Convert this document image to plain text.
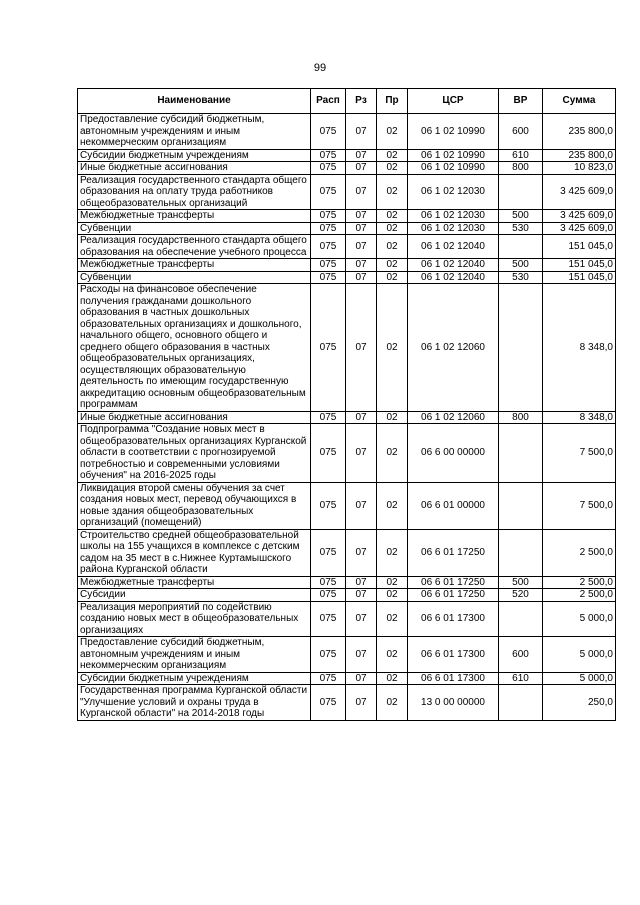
99
Наименование	Расп	Рз	Пр	ЦСР	ВР	Сумма
Предоставление субсидий бюджетным, автономным учреждениям и иным некоммерческим организациям	075	07	02	06 1 02 10990	600	235 800,0
Субсидии бюджетным учреждениям	075	07	02	06 1 02 10990	610	235 800,0
Иные бюджетные ассигнования	075	07	02	06 1 02 10990	800	10 823,0
Реализация государственного стандарта общего образования на оплату труда работников общеобразовательных организаций	075	07	02	06 1 02 12030		3 425 609,0
Межбюджетные трансферты	075	07	02	06 1 02 12030	500	3 425 609,0
Субвенции	075	07	02	06 1 02 12030	530	3 425 609,0
Реализация государственного стандарта общего образования на обеспечение учебного процесса	075	07	02	06 1 02 12040		151 045,0
Межбюджетные трансферты	075	07	02	06 1 02 12040	500	151 045,0
Субвенции	075	07	02	06 1 02 12040	530	151 045,0
Расходы на финансовое обеспечение получения гражданами дошкольного образования в частных дошкольных образовательных организациях и дошкольного, начального общего, основного общего и среднего общего образования в частных общеобразовательных организациях, осуществляющих образовательную деятельность по имеющим государственную аккредитацию основным общеобразовательным программам	075	07	02	06 1 02 12060		8 348,0
Иные бюджетные ассигнования	075	07	02	06 1 02 12060	800	8 348,0
Подпрограмма "Создание новых мест в общеобразовательных организациях Курганской области в соответствии с прогнозируемой потребностью и современными условиями обучения" на 2016-2025 годы	075	07	02	06 6 00 00000		7 500,0
Ликвидация второй смены обучения за счет создания новых мест, перевод обучающихся в новые здания общеобразовательных организаций (помещений)	075	07	02	06 6 01 00000		7 500,0
Строительство средней общеобразовательной школы на 155 учащихся в комплексе с детским садом на 35 мест в с.Нижнее Куртамышского района Курганской области	075	07	02	06 6 01 17250		2 500,0
Межбюджетные трансферты	075	07	02	06 6 01 17250	500	2 500,0
Субсидии	075	07	02	06 6 01 17250	520	2 500,0
Реализация мероприятий по содействию созданию новых мест в общеобразовательных организациях	075	07	02	06 6 01 17300		5 000,0
Предоставление субсидий бюджетным, автономным учреждениям и иным некоммерческим организациям	075	07	02	06 6 01 17300	600	5 000,0
Субсидии бюджетным учреждениям	075	07	02	06 6 01 17300	610	5 000,0
Государственная программа Курганской области "Улучшение условий и охраны труда в Курганской области" на 2014-2018 годы	075	07	02	13 0 00 00000		250,0
